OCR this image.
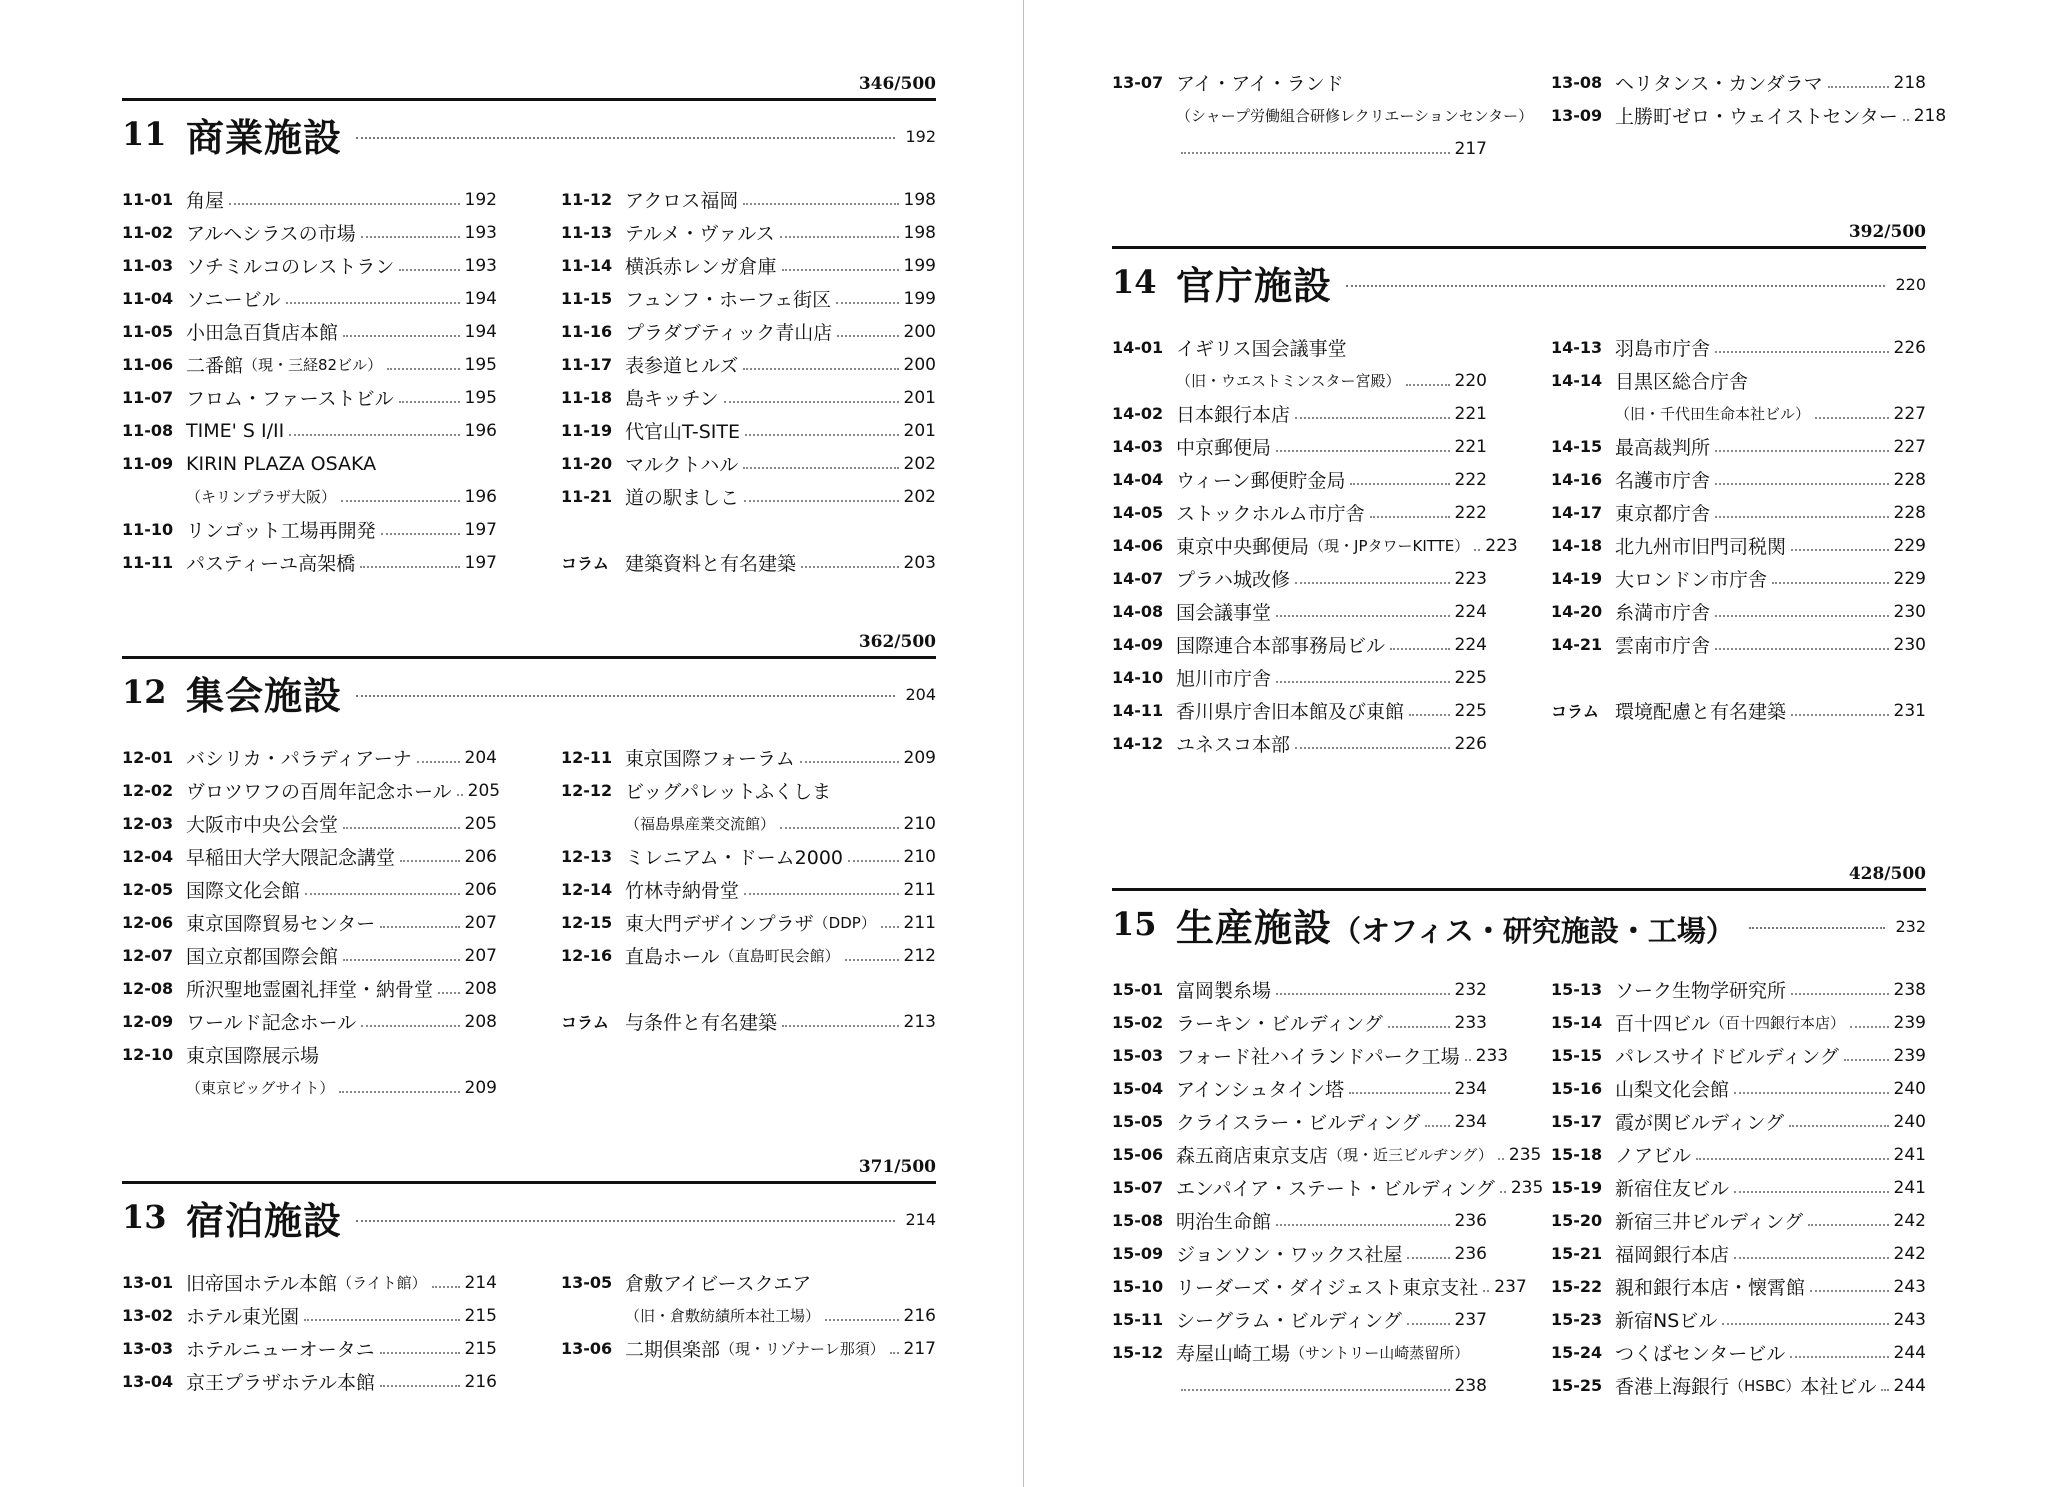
346/500
11 商業施設	192
11-01 角屋	192
11-02 アルヘシラスの市場	193
11-03 ソチミルコのレストラン	193
11-04 ソニービル	194
11-05 小田急百貨店本館	194
11-06 二番館 （現・三経82ビル）	195
11-07 フロム・ファーストビル	195
11-08 TIME' S I/II	196
11-09 KIRIN PLAZA OSAKA
（キリンプラザ大阪）	196
11-10 リンゴット工場再開発	197
11-11 パスティーユ高架橋	197
11-12 アクロス福岡	198
11-13 テルメ・ヴァルス	198
11-14 横浜赤レンガ倉庫	199
11-15 フュンフ・ホーフェ街区	199
11-16 プラダブティック青山店	200
11-17 表参道ヒルズ	200
11-18 島キッチン	201
11-19 代官山T-SITE	201
11-20 マルクトハル	202
11-21 道の駅ましこ	202
コラム 建築資料と有名建築	203
362/500
12 集会施設	204
12-01 バシリカ・パラディアーナ	204
12-02 ヴロツワフの百周年記念ホール 205
12-03 大阪市中央公会堂	205
12-04 早稲田大学大隈記念講堂	206
12-05 国際文化会館	206
12-06 東京国際貿易センター	207
12-07 国立京都国際会館	207
12-08 所沢聖地霊園礼拝堂・納骨堂 208
12-09 ワールド記念ホール	208
12-10 東京国際展示場
（東京ビッグサイト）	209
12-11 東京国際フォーラム	209
12-12 ビッグパレットふくしま
（福島県産業交流館）	210
12-13 ミレニアム・ドーム2000	210
12-14 竹林寺納骨堂	211
12-15 東大門デザインプラザ （DDP） 211
12-16 直島ホール （直島町民会館）	212
コラム 与条件と有名建築	213
371/500
13 宿泊施設	214
13-01 旧帝国ホテル本館 （ライト館） 214
13-02 ホテル東光園	215
13-03 ホテルニューオータニ	215
13-04 京王プラザホテル本館	216
13-05 倉敷アイビースクエア
（旧・倉敷紡績所本社工場）	216
13-06 二期倶楽部 （現・リゾナーレ那須） 217
13-07 アイ・アイ・ランド
（シャープ労働組合研修レクリエーションセンター）
217
13-08 ヘリタンス・カンダラマ	218
13-09 上勝町ゼロ・ウェイストセンター 218
392/500
14 官庁施設	220
14-01 イギリス国会議事堂
（旧・ウエストミンスター宮殿）	220
14-02 日本銀行本店	221
14-03 中京郵便局	221
14-04 ウィーン郵便貯金局	222
14-05 ストックホルム市庁舎	222
14-06 東京中央郵便局 （現・JPタワーKITTE） 223
14-07 プラハ城改修	223
14-08 国会議事堂	224
14-09 国際連合本部事務局ビル	224
14-10 旭川市庁舎	225
14-11 香川県庁舎旧本館及び東館	225
14-12 ユネスコ本部	226
14-13 羽島市庁舎	226
14-14 目黒区総合庁舎
（旧・千代田生命本社ビル）	227
14-15 最高裁判所	227
14-16 名護市庁舎	228
14-17 東京都庁舎	228
14-18 北九州市旧門司税関	229
14-19 大ロンドン市庁舎	229
14-20 糸満市庁舎	230
14-21 雲南市庁舎	230
コラム 環境配慮と有名建築	231
428/500
15 生産施設（オフィス・研究施設・工場）	232
15-01 富岡製糸場	232
15-02 ラーキン・ビルディング	233
15-03 フォード社ハイランドパーク工場 233
15-04 アインシュタイン塔	234
15-05 クライスラー・ビルディング 234
15-06 森五商店東京支店 （現・近三ビルヂング） 235
15-07 エンパイア・ステート・ビルディング 235
15-08 明治生命館	236
15-09 ジョンソン・ワックス社屋	236
15-10 リーダーズ・ダイジェスト東京支社 237
15-11 シーグラム・ビルディング	237
15-12 寿屋山崎工場 （サントリー山崎蒸留所）
238
15-13 ソーク生物学研究所	238
15-14 百十四ビル （百十四銀行本店）	239
15-15 パレスサイドビルディング	239
15-16 山梨文化会館	240
15-17 霞が関ビルディング	240
15-18 ノアビル	241
15-19 新宿住友ビル	241
15-20 新宿三井ビルディング	242
15-21 福岡銀行本店	242
15-22 親和銀行本店・懐霄館	243
15-23 新宿NSビル	243
15-24 つくばセンタービル	244
15-25 香港上海銀行 （HSBC） 本社ビル 244
